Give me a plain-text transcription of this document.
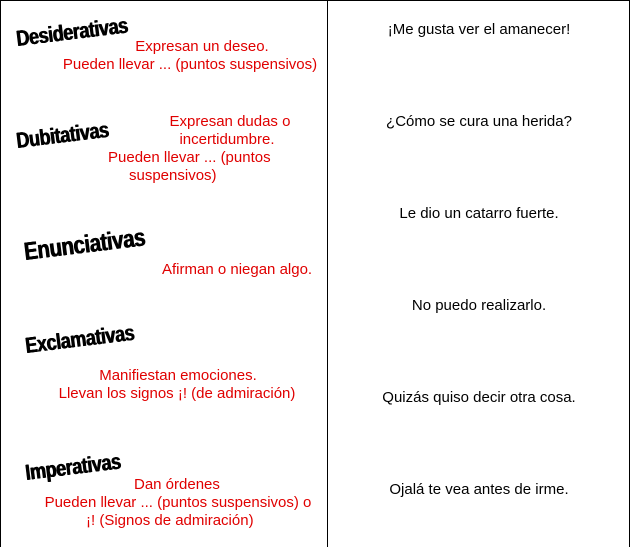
Desiderativas Expresan un deseo.
Pueden llevar ... (puntos suspensivos)
Dubitativas	Expresan dudas o
incertidumbre.
Pueden llevar ... (puntos
suspensivos)
Enunciativas
Afirman o niegan algo.
Exclamativas
Manifiestan emociones.
Llevan los signos ¡! (de admiración)
Imperativas Dan órdenes
Pueden llevar ... (puntos suspensivos) o
¡! (Signos de admiración)
¡Me gusta ver el amanecer!
¿Cómo se cura una herida?
Le dio un catarro fuerte.
No puedo realizarlo.
Quizás quiso decir otra cosa.
Ojalá te vea antes de irme.
